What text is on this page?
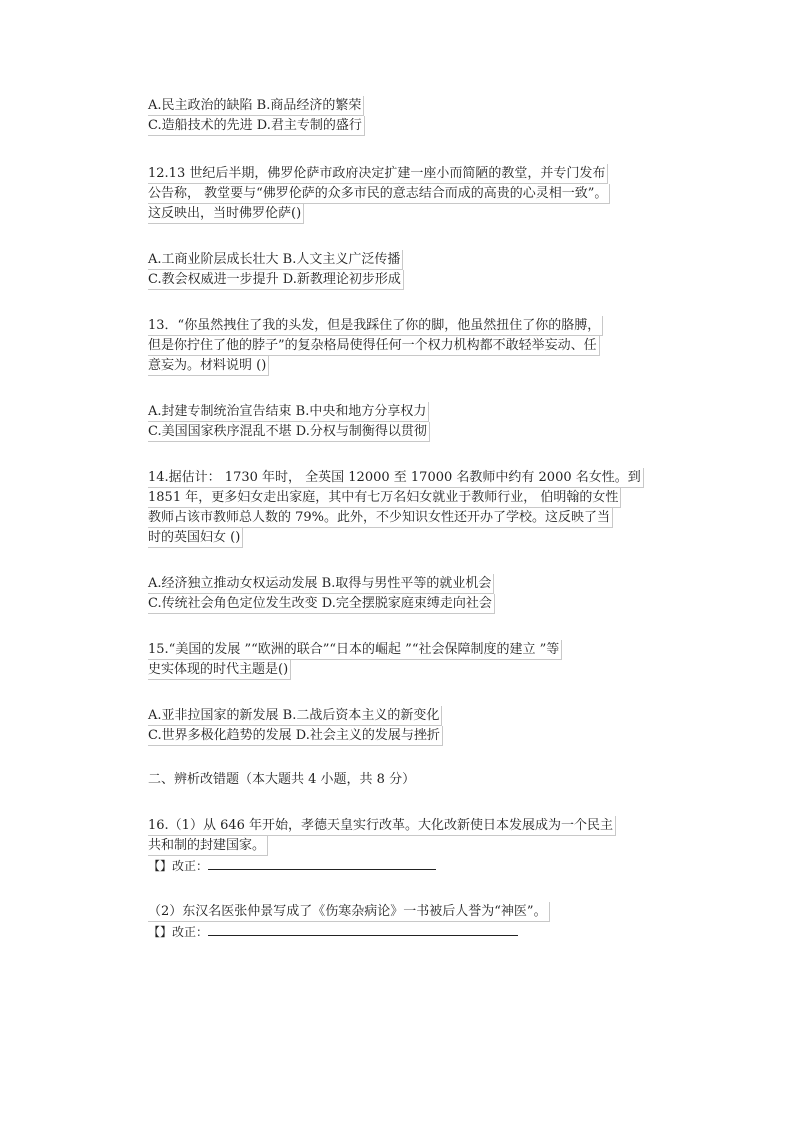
A.民主政治的缺陷 B.商品经济的繁荣
C.造船技术的先进 D.君主专制的盛行
12.13 世纪后半期，佛罗伦萨市政府决定扩建一座小而简陋的教堂，并专门发布
公告称， 教堂要与“佛罗伦萨的众多市民的意志结合而成的高贵的心灵相一致”。
这反映出，当时佛罗伦萨()
A.工商业阶层成长壮大 B.人文主义广泛传播
C.教会权威进一步提升 D.新教理论初步形成
13．“你虽然拽住了我的头发，但是我踩住了你的脚，他虽然扭住了你的胳膊，
但是你拧住了他的脖子”的复杂格局使得任何一个权力机构都不敢轻举妄动、任
意妄为。材料说明 ()
A.封建专制统治宣告结束 B.中央和地方分享权力
C.美国国家秩序混乱不堪 D.分权与制衡得以贯彻
14.据估计： 1730 年时， 全英国 12000 至 17000 名教师中约有 2000 名女性。到
1851 年，更多妇女走出家庭，其中有七万名妇女就业于教师行业， 伯明翰的女性
教师占该市教师总人数的 79%。此外，不少知识女性还开办了学校。这反映了当
时的英国妇女 ()
A.经济独立推动女权运动发展 B.取得与男性平等的就业机会
C.传统社会角色定位发生改变 D.完全摆脱家庭束缚走向社会
15.“美国的发展 ”“欧洲的联合”“日本的崛起 ”“社会保障制度的建立 ”等
史实体现的时代主题是()
A.亚非拉国家的新发展 B.二战后资本主义的新变化
C.世界多极化趋势的发展 D.社会主义的发展与挫折
二、辨析改错题（本大题共 4 小题，共 8 分）
16.（1）从 646 年开始，孝德天皇实行改革。大化改新使日本发展成为一个民主
共和制的封建国家。
【】改正：
（2）东汉名医张仲景写成了《伤寒杂病论》一书被后人誉为“神医”。
【】改正：
